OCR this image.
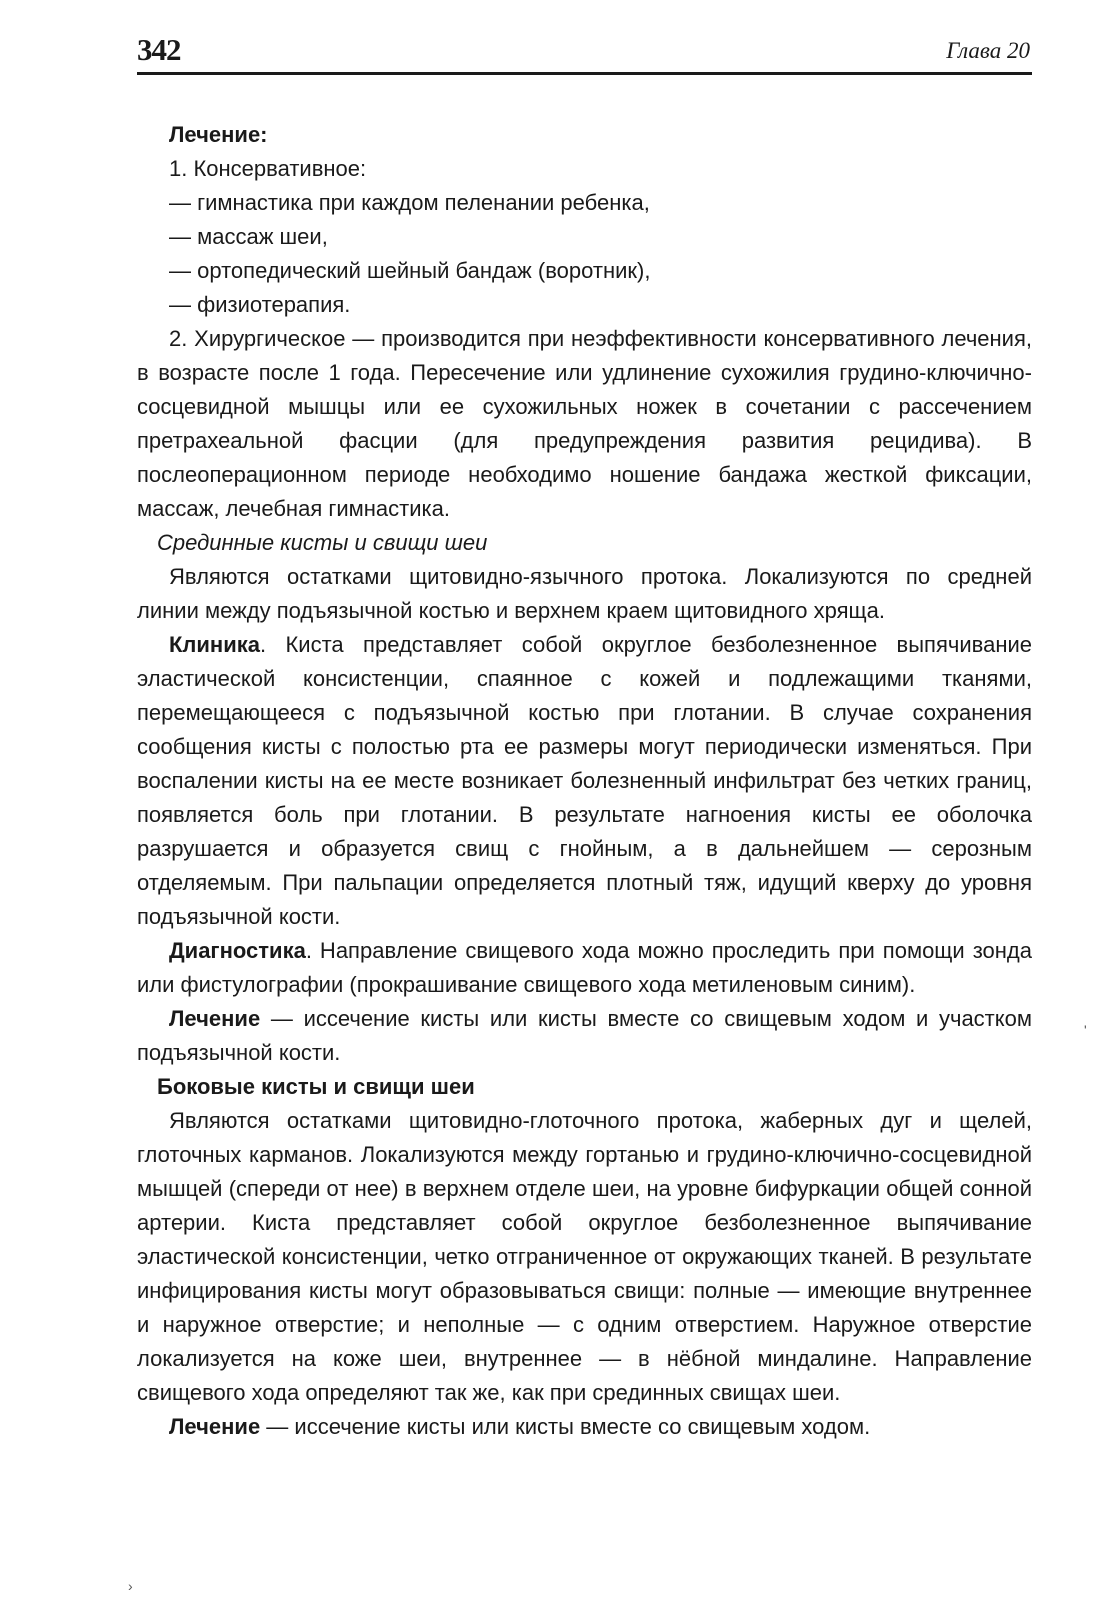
342	Глава 20

Лечение:

1. Консервативное:

— гимнастика при каждом пеленании ребенка,

— массаж шеи,

— ортопедический шейный бандаж (воротник),

— физиотерапия.

2. Хирургическое — производится при неэффективности консервативного лечения, в возрасте после 1 года. Пересечение или удлинение сухожилия грудино-ключично-сосцевидной мышцы или ее сухожильных ножек в сочетании с рассечением претрахеальной фасции (для предупреждения развития рецидива). В послеоперационном периоде необходимо ношение бандажа жесткой фиксации, массаж, лечебная гимнастика.

Срединные кисты и свищи шеи

Являются остатками щитовидно-язычного протока. Локализуются по средней линии между подъязычной костью и верхнем краем щитовидного хряща.

Клиника. Киста представляет собой округлое безболезненное выпячивание эластической консистенции, спаянное с кожей и подлежащими тканями, перемещающееся с подъязычной костью при глотании. В случае сохранения сообщения кисты с полостью рта ее размеры могут периодически изменяться. При воспалении кисты на ее месте возникает болезненный инфильтрат без четких границ, появляется боль при глотании. В результате нагноения кисты ее оболочка разрушается и образуется свищ с гнойным, а в дальнейшем — серозным отделяемым. При пальпации определяется плотный тяж, идущий кверху до уровня подъязычной кости.

Диагностика. Направление свищевого хода можно проследить при помощи зонда или фистулографии (прокрашивание свищевого хода метиленовым синим).

Лечение — иссечение кисты или кисты вместе со свищевым ходом и участком подъязычной кости.

Боковые кисты и свищи шеи

Являются остатками щитовидно-глоточного протока, жаберных дуг и щелей, глоточных карманов. Локализуются между гортанью и грудино-ключично-сосцевидной мышцей (спереди от нее) в верхнем отделе шеи, на уровне бифуркации общей сонной артерии. Киста представляет собой округлое безболезненное выпячивание эластической консистенции, четко отграниченное от окружающих тканей. В результате инфицирования кисты могут образовываться свищи: полные — имеющие внутреннее и наружное отверстие; и неполные — с одним отверстием. Наружное отверстие локализуется на коже шеи, внутреннее — в нёбной миндалине. Направление свищевого хода определяют так же, как при срединных свищах шеи.

Лечение — иссечение кисты или кисты вместе со свищевым ходом.

ʹ
›
